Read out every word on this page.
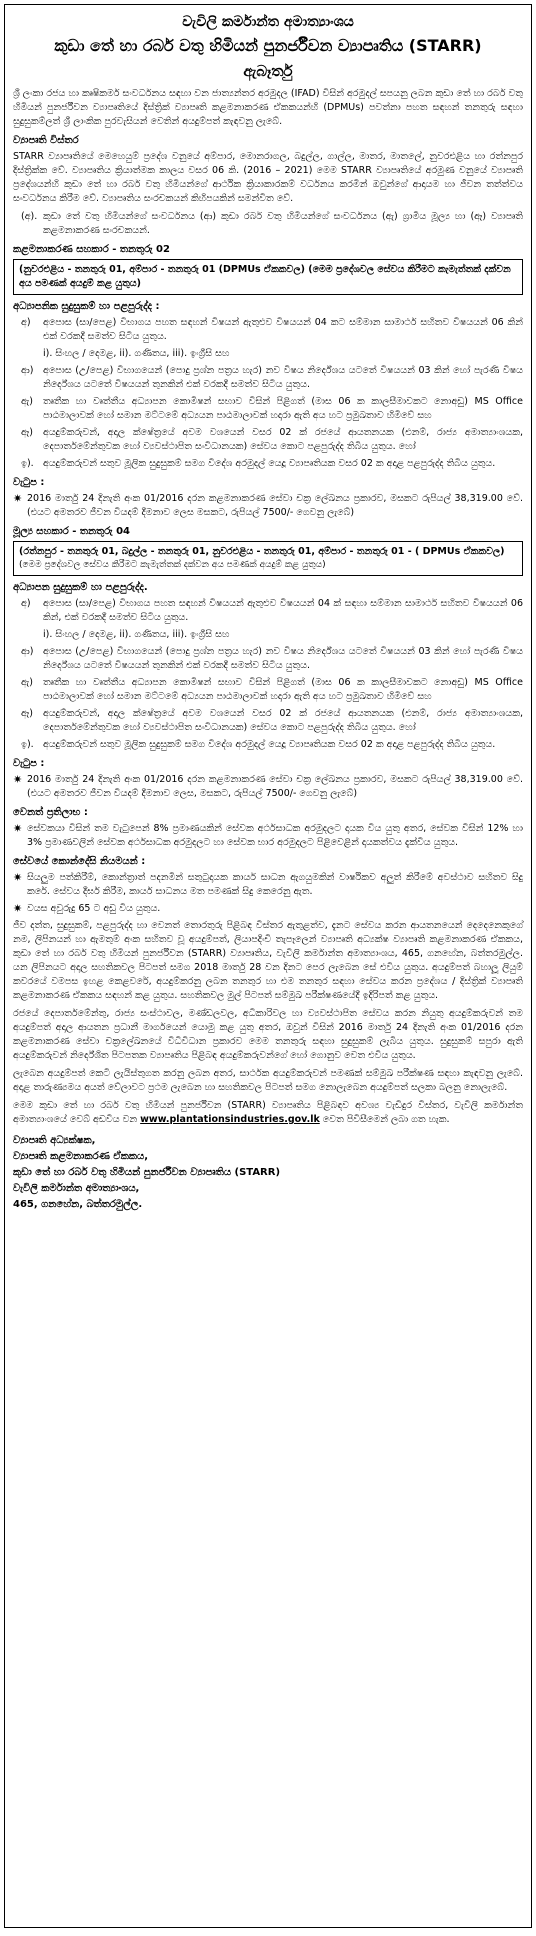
වැවිලි කර්මාන්ත අමාත්‍යාංශය
කුඩා තේ හා රබර් වතු හිමියන් පුනර්ජීවන ව්‍යාපෘතිය (STARR)
ඇබෑර්තු

ශ්‍රී ලංකා රජය හා කෘෂිකර්ම සංවර්ධනය සඳහා වන ජාත්‍යන්තර අරමුදල (IFAD) විසින් අරමුදල් සපයනු ලබන කුඩා තේ හා රබර් වතු හිමියන් පුනර්ජීවන ව්‍යාපෘතියේ දිස්ත්‍රික් ව්‍යාපෘති කළමනාකරණ ඒකකයන්හි (DPMUs) පවත්නා පහත සඳහන් තනතුරු සඳහා සුදුසුකම්ලත් ශ්‍රී ලාංකික පුරවැසියන් වෙතින් අයදුම්පත් කැඳවනු ලැබේ.

ව්‍යාපෘති විස්තර

STARR ව්‍යාපෘතියේ මෙහෙයුම් ප්‍රදේශ වනුයේ අම්පාර, මොනරාගල, බදුල්ල, ගාල්ල, මාතර, මාතලේ, නුවරඑළිය හා රත්නපුර දිස්ත්‍රික්ක වේ. ව්‍යාපෘතිය ක්‍රියාත්මක කාලය වසර 06 කි. (2016 – 2021) මෙම STARR ව්‍යාපෘතියේ අරමුණ වනුයේ ව්‍යාපෘති ප්‍රදේශයන්හි කුඩා තේ හා රබර් වතු හිමියන්ගේ ආර්ථික ක්‍රියාකාරකම් වර්ධනය කරමින් ඔවුන්ගේ ආදායම හා ජීවන තත්ත්වය සංවර්ධනය කිරීම වේ. ව්‍යාපෘතිය සංරචකයන් කිහිපයකින් සමන්විත වේ.

(අ). කුඩා තේ වතු හිමියන්ගේ සංවර්ධනය (ආ) කුඩා රබර් වතු හිමියන්ගේ සංවර්ධනය (ඇ) ග්‍රාමීය මූල්‍ය හා (ඈ) ව්‍යාපෘති කළමනාකරණ සංරචකයන්.
කළමනාකරණ සහකාර - තනතුරු 02
(නුවරඑළිය - තනතුරු 01, අම්පාර - තනතුරු 01 (DPMUs ඒකකවල) (මෙම ප්‍රදේශවල සේවය කිරීමට කැමැත්තක් දක්වන අය පමණක් අයදුම් කළ යුතුය)
අධ්‍යාපනික සුදුසුකම් හා පළපුරුද්ද :
අ)	අපොස (සා/පෙළ) විභාගය පහත සඳහන් විෂයන් ඇතුළුව විෂයයන් 04 කට සම්මාන සාමාර්ථ සහිතව විෂයයන් 06 කින් එක් වරකදී සමත්ව සිටිය යුතුය.
i). සිංහල / දෙමළ, ii). ගණිතය, iii). ඉංග්‍රීසි සහ
ආ)	අපොස (උ/පෙළ) විභාගයෙන් (පොදු ප්‍රශ්න පත්‍රය හැර) නව විෂය නිර්දේශය යටතේ විෂයයන් 03 කින් හෝ පැරණි විෂය නිර්දේශය යටතේ විෂයයන් තුනකින් එක් වරකදී සමත්ව සිටිය යුතුය.
ඇ)	තෘතීක හා වෘත්තීය අධ්‍යාපන කොමිෂන් සභාව විසින් පිළිගත් (මාස 06 ක කාලසීමාවකට නොඅඩු) MS Office පාඨමාලාවක් හෝ සමාන මට්ටමේ අධ්‍යයන පාඨමාලාවක් හදාරා ඇති අය හට ප්‍රමුඛතාව හිමිවේ සහ
ඈ)	අයදුම්කරුවන්, අදාල ක්ෂේත්‍රයේ අවම වශයෙන් වසර 02 ක් රජයේ ආයතනයක (එනම්, රාජ්‍ය අමාත්‍යාංශයක, දෙපාර්තමේන්තුවක හෝ ව්‍යවස්ථාපිත සංවිධානයක) සේවය කොට පළපුරුද්ද තිබිය යුතුය. හෝ
ඉ). අයදුම්කරුවන් සතුව මූලික සුදුසුකම් සමග විදේශ අරමුදල් යෙදූ ව්‍යාපෘතියක වසර 02 ක අදාළ පළපුරුද්ද තිබිය යුතුය.
වැටුප :
✷ 2016 මාර්තු 24 දිනැති අංක 01/2016 දරන කළමනාකරණ සේවා චක්‍ර ලේඛනය ප්‍රකාරව, මසකට රුපියල් 38,319.00 වේ. (එයට අමතරව ජීවන වියදම් දීමනාව ලෙස මසකට, රුපියල් 7500/- ගෙවනු ලැබේ)
මූල්‍ය සහකාර - තනතුරු 04
(රත්නපුර - තනතුරු 01, බදුල්ල - තනතුරු 01, නුවරඑළිය - තනතුරු 01, අම්පාර - තනතුරු 01 - ( DPMUs ඒකකවල)
(මෙම ප්‍රදේශවල සේවය කිරීමට කැමැත්තක් දක්වන අය පමණක් අයදුම් කළ යුතුය)
අධ්‍යාපන සුදුසුකම් හා පළපුරුද්ද.
අ)	අපොස (සා/පෙළ) විභාගය පහත සඳහන් විෂයයන් ඇතුළුව විෂයයන් 04 ක් සඳහා සම්මාන සාමාර්ථ සහිතව විෂයයන් 06 කින්, එක් වරකදී සමත්ව සිටිය යුතුය.
i). සිංහල / දෙමළ, ii). ගණිතය, iii). ඉංග්‍රීසි සහ
ආ)	අපොස (උ/පෙළ) විභාගයෙන් (පොදු ප්‍රශ්න පත්‍රය හැර) නව විෂය නිර්දේශය යටතේ විෂයයන් 03 කින් හෝ පැරණි විෂය නිර්දේශය යටතේ විෂයයන් තුනකින් එක් වරකදී සමත්ව සිටිය යුතුය.
ඇ)	තෘතීක හා වෘත්තීය අධ්‍යාපන කොමිෂන් සභාව විසින් පිළිගත් (මාස 06 ක කාලසීමාවකට නොඅඩු) MS Office පාඨමාලාවක් හෝ සමාන මට්ටමේ අධ්‍යයන පාඨමාලාවක් හදාරා ඇති අය හට ප්‍රමුඛතාව හිමිවේ සහ
ඈ)	අයදුම්කරුවන්, අදාල ක්ෂේත්‍රයේ අවම වශයෙන් වසර 02 ක් රජයේ ආයතනයක (එනම්, රාජ්‍ය අමාත්‍යාංශයක, දෙපාර්තමේන්තුවක හෝ ව්‍යවස්ථාපිත සංවිධානයක) සේවය කොට පළපුරුද්ද තිබිය යුතුය. හෝ
ඉ). අයදුම්කරුවන් සතුව මූලික සුදුසුකම් සමග විදේශ අරමුදල් යෙදූ ව්‍යාපෘතියක වසර 02 ක අදාළ පළපුරුද්ද තිබිය යුතුය.
වැටුප :
✷ 2016 මාර්තු 24 දිනැති අංක 01/2016 දරන කළමනාකරණ සේවා චක්‍ර ලේඛනය ප්‍රකාරව, මසකට රුපියල් 38,319.00 වේ. (එයට අමතරව ජීවන වියදම් දීමනාව ලෙස, මසකට, රුපියල් 7500/- ගෙවනු ලැබේ)
වෙනත් ප්‍රතිලාභ :
✷ සේවකයා විසින් තම වැටුපෙන් 8% ප්‍රමාණයකින් සේවක අර්ථසාධක අරමුදලට දායක විය යුතු අතර, සේවක විසින් 12% හා 3% ප්‍රමාණවලින් සේවක අර්ථසාධක අරමුදලට හා සේවක භාර අරමුදලට පිළිවෙළින් දායකත්වය දැක්විය යුතුය.
සේවයේ කොන්දේසි නියමයන් :
✷ සියලුම පත්කිරීම්, කොන්ත්‍රාත් පදනමින් සතුටුදායක කාර්ය සාධන ඇගයුමකින් වාර්ෂිකව අලුත් කිරීමේ අවස්ථාව සහිතව සිදු කරේ. සේවය දීර්ඝ කිරීම, කාර්ය සාධනය මත පමණක් සිදු කෙරෙනු ඇත.
✷ වයස අවුරුදු 65 ට අඩු විය යුතුය.

ජීව දත්ත, සුදුසුකම්, පළපුරුද්ද හා වෙනත් තොරතුරු පිළිබඳ විස්තර ඇතුළත්ව, දැනට සේවය කරන ආයතනයෙන් දෙදෙනෙකුගේ නම, ලිපිනයන් හා ඇමතුම් අංක සහිතව වූ අයදුම්පත්, ලියාපදිංචි තැපෑලෙන් ව්‍යාපෘති අධ්‍යක්ෂ ව්‍යාපෘති කළමනාකරණ ඒකකය, කුඩා තේ හා රබර් වතු හිමියන් පුනර්ජීවන (STARR) ව්‍යාපෘතිය, වැවිලි කර්මාන්ත අමාත්‍යාංශය, 465, ගනහේන, බත්තරමුල්ල. යන ලිපිනයට අදාල සහතිකවල පිටපත් සමග 2018 මාර්තු 28 වන දිනට පෙර ලැබෙන සේ එවිය යුතුය. අයදුම්පත් බහාලූ ලියුම් කවරයේ වමපස ඉහළ කෙළවරේ, අයදුම්කරනු ලබන තනතුර හා එම තනතුර සඳහා සේවය කරන ප්‍රදේශය / දිස්ත්‍රික් ව්‍යාපෘති කළමනාකරණ ඒකකය සඳහන් කළ යුතුය. සහතිකවල මුල් පිටපත් සම්මුඛ පරීක්ෂණයේදී ඉදිරිපත් කළ යුතුය.

රජයේ දෙපාර්තමේන්තු, රාජ්‍ය සංස්ථාවල, මණ්ඩලවල, අධිකාරිවල හා ව්‍යවස්ථාපිත සේවය කරන නියුතු අයදුම්කරුවන් තම අයදුම්පත් අදාල ආයතන ප්‍රධානී මාර්ගයෙන් යොමු කළ යුතු අතර, ඔවුන් විසින් 2016 මාර්තු 24 දිනැති අංක 01/2016 දරන කළමනාකරණ සේවා චක්‍රලේඛනයේ විධිවිධාන ප්‍රකාරව මෙම තනතුරු සඳහා සුදුසුකම් ලැබිය යුතුය. සුදුසුකම් සපුරා ඇති අයදුම්කරුවන් නිර්දේශිත පිටපතක ව්‍යාපෘතිය පිළිබඳ අයදුම්කරුවන්ගේ හෝ ගොනුව වෙත එවිය යුතුය.

ලැබෙන අයදුම්පත් කෙටි ලැයිස්තුගත කරනු ලබන අතර, සාර්ථක අයදුම්කරුවන් පමණක් සම්මුඛ පරීක්ෂණ සඳහා කැඳවනු ලැබේ. අදාළ තාරුණ්‍යමය අයත් වේලාවට ප්‍රථම ලැබෙන හා සහතිකවල පිටපත් සමග නොලැබෙන අයදුම්පත් සලකා බලනු නොලැබේ.

මෙම කුඩා තේ හා රබර් වතු හිමියන් පුනර්ජීවන (STARR) ව්‍යාපෘතිය පිළිබඳව අවශ්‍ය වැඩිදුර විස්තර, වැවිලි කර්මාන්ත අමාත්‍යාංශයේ වෙබ් අඩවිය වන www.plantationsindustries.gov.lk වෙත පිවිසීමෙන් ලබා ගත හැක.

ව්‍යාපෘති අධ්‍යක්ෂක,
ව්‍යාපෘති කළමනාකරණ ඒකකය,
කුඩා තේ හා රබර් වතු හිමියන් පුනර්ජීවන ව්‍යාපෘතිය (STARR)
වැවිලි කර්මාන්ත අමාත්‍යාංශය,
465, ගනහේන, බත්තරමුල්ල.
